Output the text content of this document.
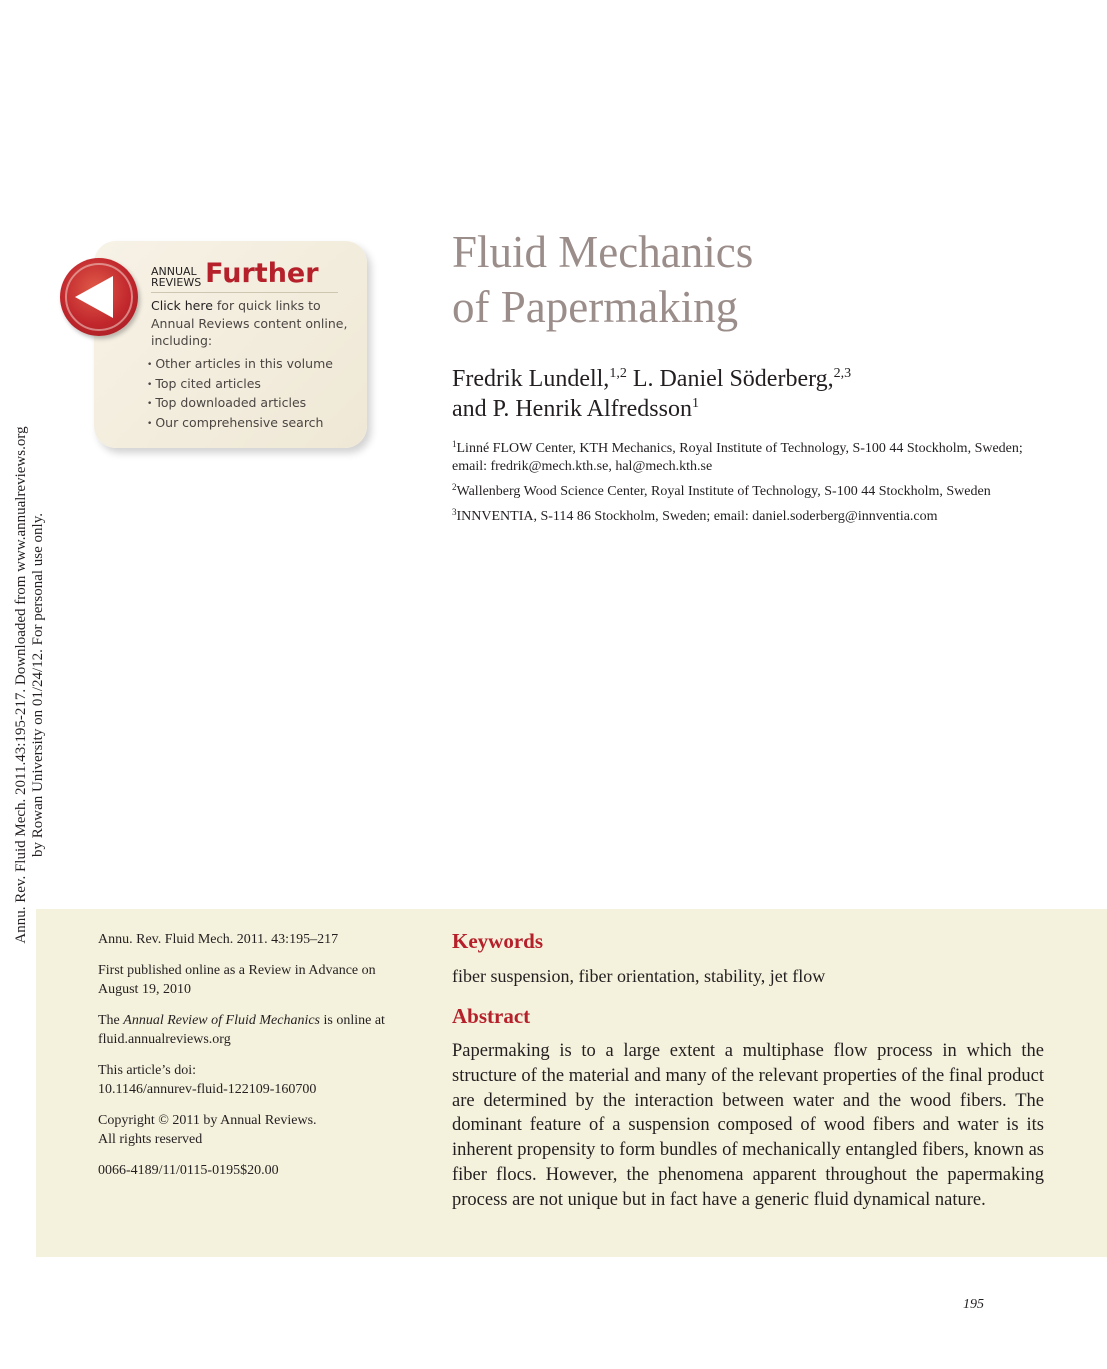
Annu. Rev. Fluid Mech. 2011.43:195-217. Downloaded from www.annualreviews.org by Rowan University on 01/24/12. For personal use only.
ANNUAL
REVIEWS Further
Click here for quick links to Annual Reviews content online, including:
• Other articles in this volume
• Top cited articles
• Top downloaded articles
• Our comprehensive search
Fluid Mechanics
of Papermaking
Fredrik Lundell,$^{1,2}$ L. Daniel Söderberg,$^{2,3}$
and P. Henrik Alfredsson$^1$

$^1$Linné FLOW Center, KTH Mechanics, Royal Institute of Technology, S-100 44 Stockholm, Sweden; email: fredrik@mech.kth.se, hal@mech.kth.se

$^2$Wallenberg Wood Science Center, Royal Institute of Technology, S-100 44 Stockholm, Sweden

$^3$INNVENTIA, S-114 86 Stockholm, Sweden; email: daniel.soderberg@innventia.com

Annu. Rev. Fluid Mech. 2011. 43:195–217

First published online as a Review in Advance on August 19, 2010

The Annual Review of Fluid Mechanics is online at fluid.annualreviews.org

This article’s doi:
10.1146/annurev-fluid-122109-160700

Copyright © 2011 by Annual Reviews.
All rights reserved

0066-4189/11/0115-0195$20.00

Keywords
fiber suspension, fiber orientation, stability, jet flow
Abstract

Papermaking is to a large extent a multiphase flow process in which the structure of the material and many of the relevant properties of the final product are determined by the interaction between water and the wood fibers. The dominant feature of a suspension composed of wood fibers and water is its inherent propensity to form bundles of mechanically entangled fibers, known as fiber flocs. However, the phenomena apparent throughout the papermaking process are not unique but in fact have a generic fluid dynamical nature.

195
